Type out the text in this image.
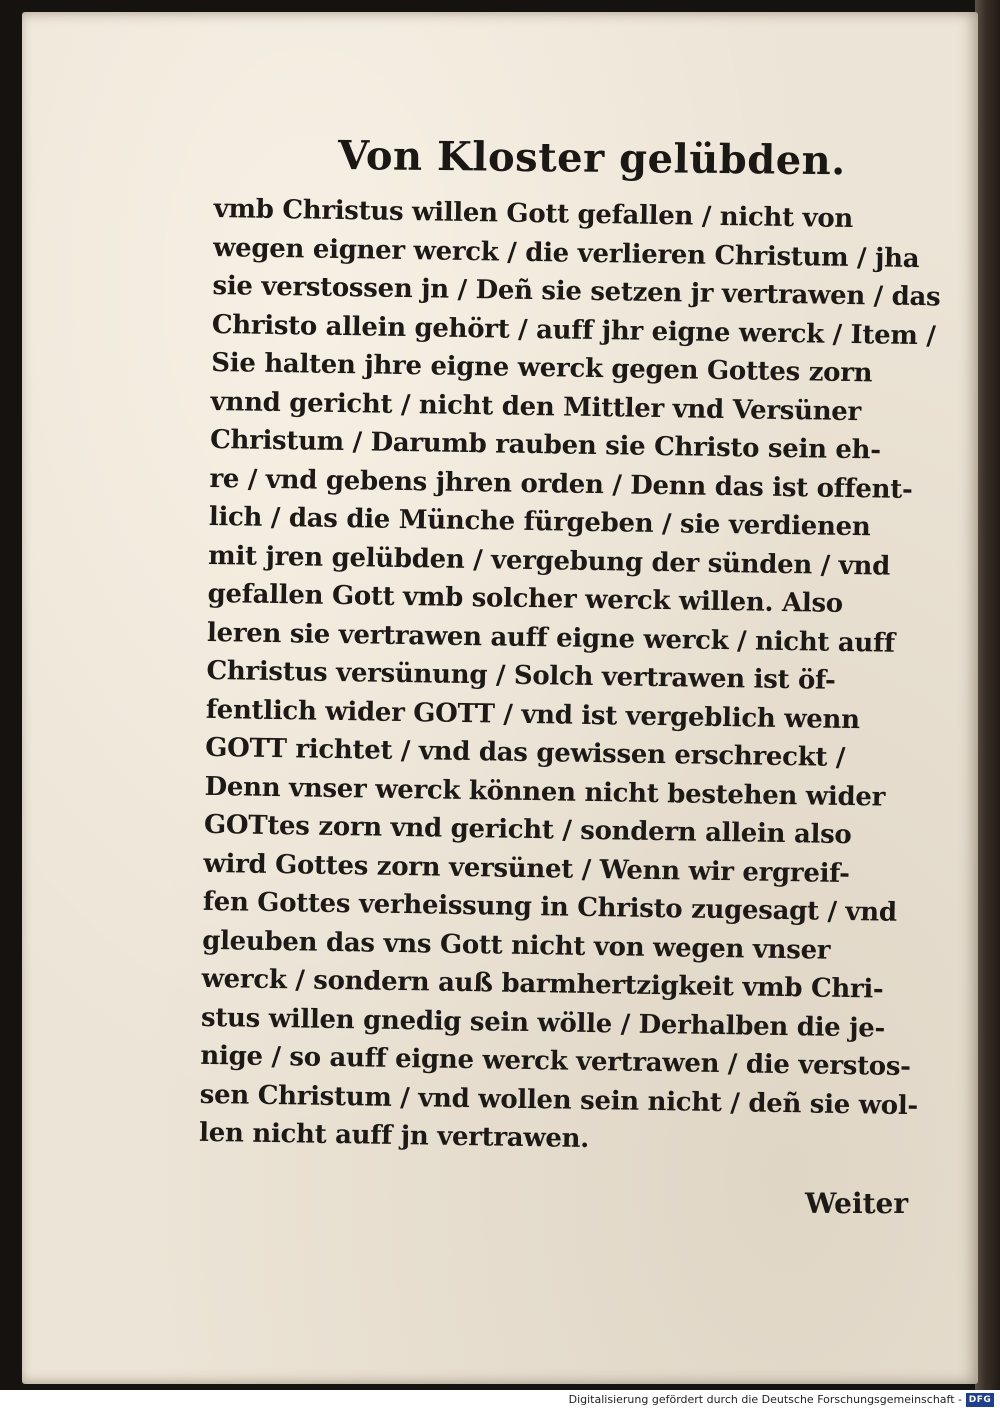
Von Kloster gelübden.
vmb Christus willen Gott gefallen / nicht von
wegen eigner werck / die verlieren Christum / jha
sie verstossen jn / Deñ sie setzen jr vertrawen / das
Christo allein gehört / auff jhr eigne werck / Item /
Sie halten jhre eigne werck gegen Gottes zorn
vnnd gericht / nicht den Mittler vnd Versüner
Christum / Darumb rauben sie Christo sein eh-
re / vnd gebens jhren orden / Denn das ist offent-
lich / das die Münche fürgeben / sie verdienen
mit jren gelübden / vergebung der sünden / vnd
gefallen Gott vmb solcher werck willen. Also
leren sie vertrawen auff eigne werck / nicht auff
Christus versünung / Solch vertrawen ist öf-
fentlich wider GOTT / vnd ist vergeblich wenn
GOTT richtet / vnd das gewissen erschreckt /
Denn vnser werck können nicht bestehen wider
GOTtes zorn vnd gericht / sondern allein also
wird Gottes zorn versünet / Wenn wir ergreif-
fen Gottes verheissung in Christo zugesagt / vnd
gleuben das vns Gott nicht von wegen vnser
werck / sondern auß barmhertzigkeit vmb Chri-
stus willen gnedig sein wölle / Derhalben die je-
nige / so auff eigne werck vertrawen / die verstos-
sen Christum / vnd wollen sein nicht / deñ sie wol-
len nicht auff jn vertrawen.
Weiter
Digitalisierung gefördert durch die Deutsche Forschungsgemeinschaft - DFG
